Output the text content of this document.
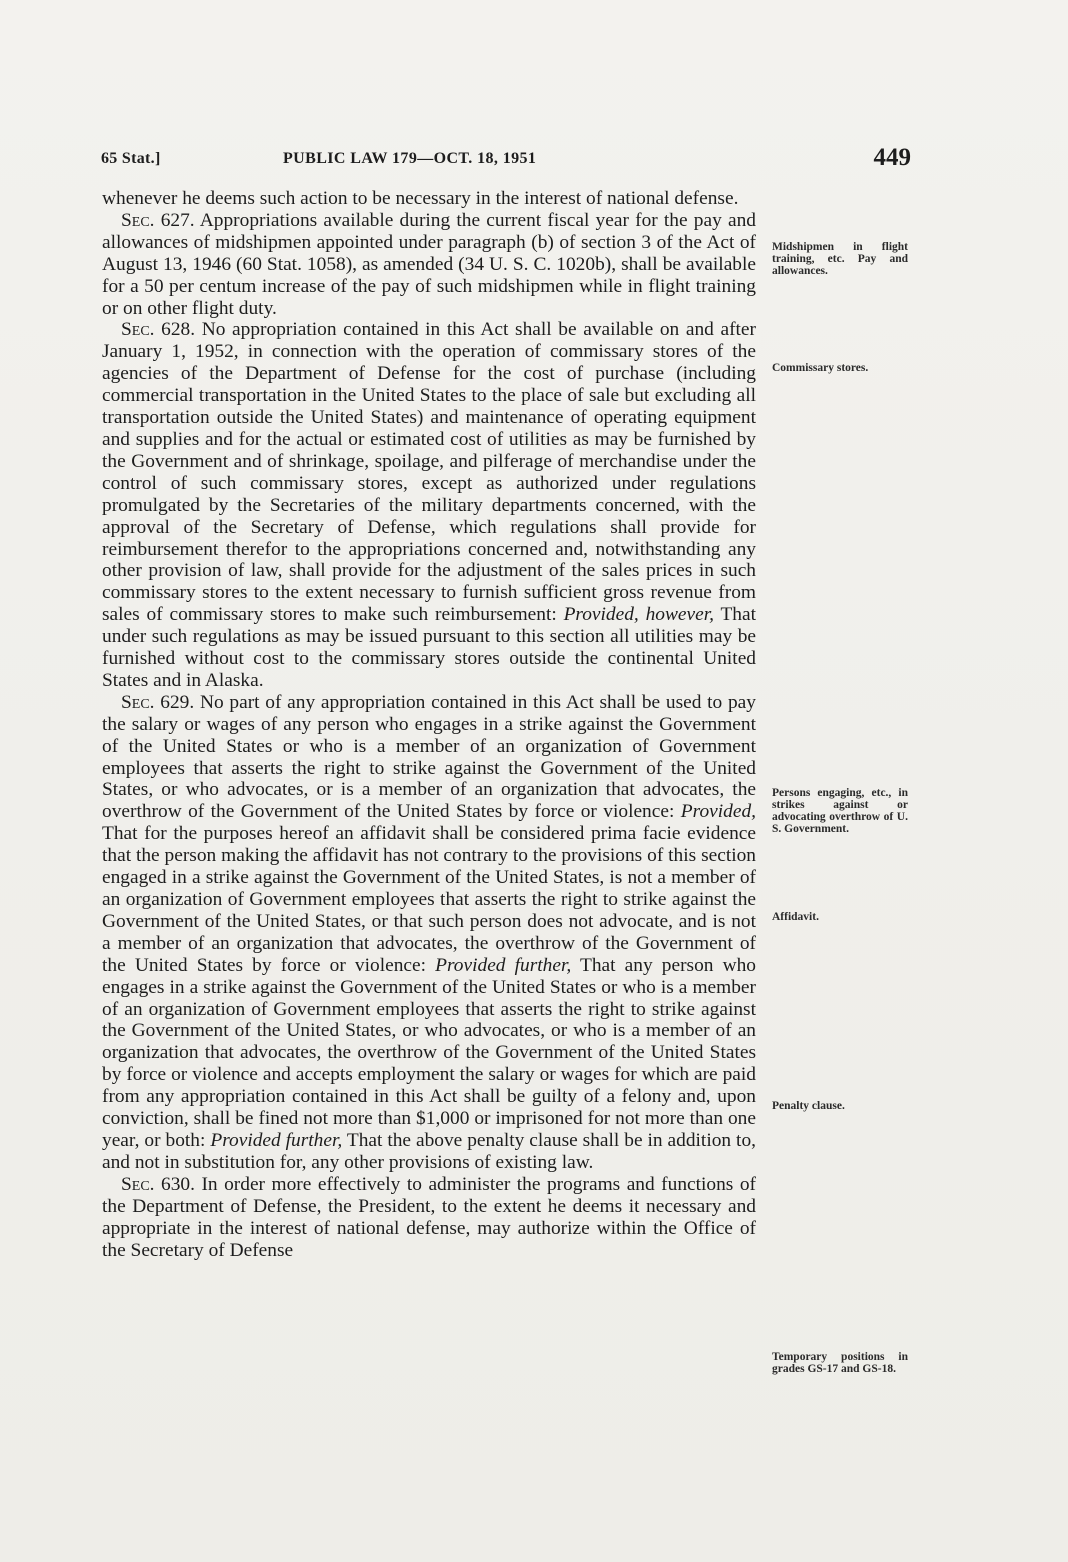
65 Stat.]	PUBLIC LAW 179—OCT. 18, 1951	449

whenever he deems such action to be necessary in the interest of national defense.

Sec. 627. Appropriations available during the current fiscal year for the pay and allowances of midshipmen appointed under paragraph (b) of section 3 of the Act of August 13, 1946 (60 Stat. 1058), as amended (34 U. S. C. 1020b), shall be available for a 50 per centum increase of the pay of such midshipmen while in flight training or on other flight duty.

Sec. 628. No appropriation contained in this Act shall be available on and after January 1, 1952, in connection with the operation of commissary stores of the agencies of the Department of Defense for the cost of purchase (including commercial transportation in the United States to the place of sale but excluding all transportation outside the United States) and maintenance of operating equipment and supplies and for the actual or estimated cost of utilities as may be furnished by the Government and of shrinkage, spoilage, and pilferage of merchandise under the control of such commissary stores, except as authorized under regulations promulgated by the Secretaries of the military departments concerned, with the approval of the Secretary of Defense, which regulations shall provide for reimbursement therefor to the appropriations concerned and, notwithstanding any other provision of law, shall provide for the adjustment of the sales prices in such commissary stores to the extent necessary to furnish sufficient gross revenue from sales of commissary stores to make such reimbursement: Provided, however, That under such regulations as may be issued pursuant to this section all utilities may be furnished without cost to the commissary stores outside the continental United States and in Alaska.

Sec. 629. No part of any appropriation contained in this Act shall be used to pay the salary or wages of any person who engages in a strike against the Government of the United States or who is a member of an organization of Government employees that asserts the right to strike against the Government of the United States, or who advocates, or is a member of an organization that advocates, the overthrow of the Government of the United States by force or violence: Provided, That for the purposes hereof an affidavit shall be considered prima facie evidence that the person making the affidavit has not contrary to the provisions of this section engaged in a strike against the Government of the United States, is not a member of an organization of Government employees that asserts the right to strike against the Government of the United States, or that such person does not advocate, and is not a member of an organization that advocates, the overthrow of the Government of the United States by force or violence: Provided further, That any person who engages in a strike against the Government of the United States or who is a member of an organization of Government employees that asserts the right to strike against the Government of the United States, or who advocates, or who is a member of an organization that advocates, the overthrow of the Government of the United States by force or violence and accepts employment the salary or wages for which are paid from any appropriation contained in this Act shall be guilty of a felony and, upon conviction, shall be fined not more than $1,000 or imprisoned for not more than one year, or both: Provided further, That the above penalty clause shall be in addition to, and not in substitution for, any other provisions of existing law.

Sec. 630. In order more effectively to administer the programs and functions of the Department of Defense, the President, to the extent he deems it necessary and appropriate in the interest of national defense, may authorize within the Office of the Secretary of Defense

Midshipmen in flight training, etc. Pay and allowances.
Commissary stores.
Persons engaging, etc., in strikes against or advocating overthrow of U. S. Government.
Affidavit.
Penalty clause.
Temporary positions in grades GS-17 and GS-18.
